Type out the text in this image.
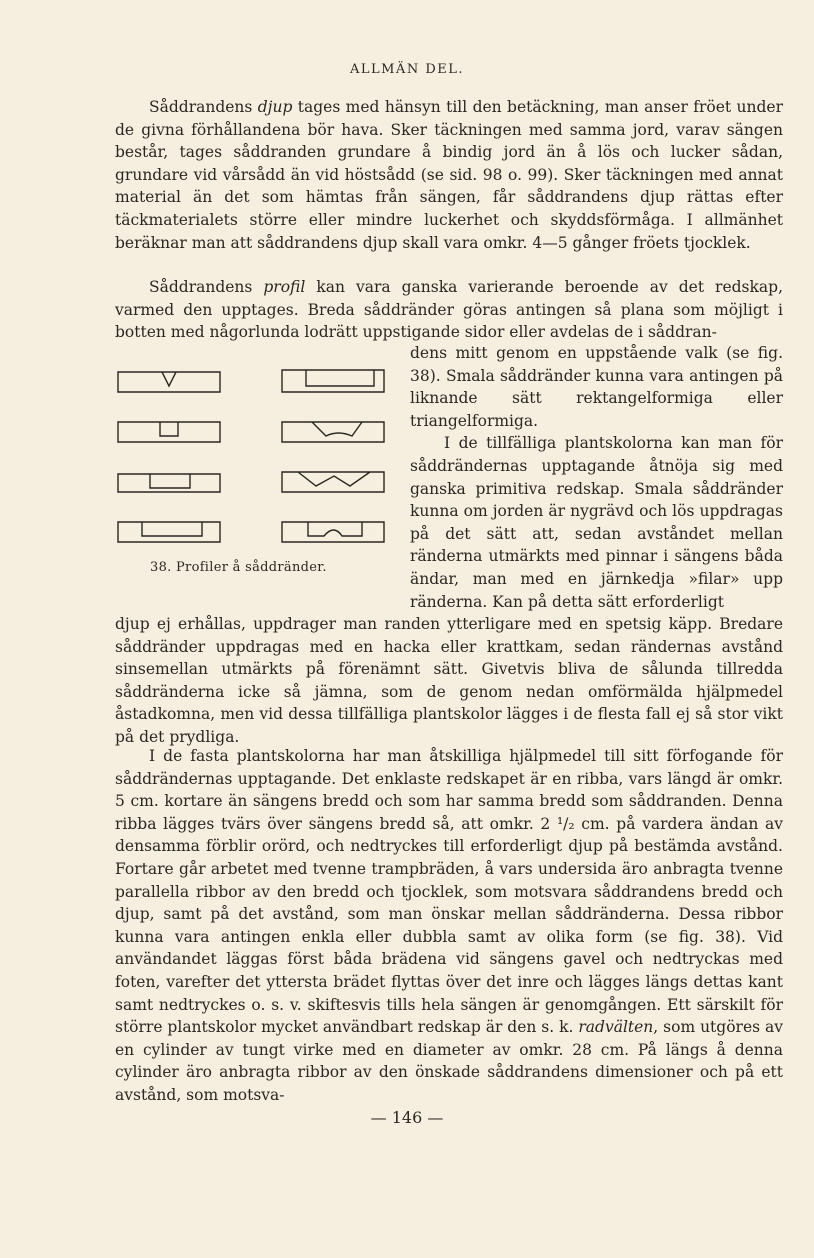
ALLMÄN DEL.
Såddrandens djup tages med hänsyn till den betäckning, man anser fröet under de givna förhållandena bör hava. Sker täckningen med samma jord, varav sängen består, tages såddranden grundare å bindig jord än å lös och lucker sådan, grundare vid vårsådd än vid höstsådd (se sid. 98 o. 99). Sker täckningen med annat material än det som hämtas från sängen, får såddrandens djup rättas efter täckmaterialets större eller mindre luckerhet och skyddsförmåga. I allmänhet beräknar man att såddrandens djup skall vara omkr. 4—5 gånger fröets tjocklek.
Såddrandens profil kan vara ganska varierande beroende av det redskap, varmed den upptages. Breda såddränder göras antingen så plana som möjligt i botten med någorlunda lodrätt uppstigande sidor eller avdelas de i såddran-
dens mitt genom en uppstående valk (se fig. 38). Smala såddränder kunna vara antingen på liknande sätt rektangelformiga eller triangelformiga.
I de tillfälliga plantskolorna kan man för såddrändernas upptagande åtnöja sig med ganska primitiva redskap. Smala såddränder kunna om jorden är nygrävd och lös uppdragas på det sätt att, sedan avståndet mellan ränderna utmärkts med pinnar i sängens båda ändar, man med en järnkedja »filar» upp ränderna. Kan på detta sätt erforderligt
38. Profiler å såddränder.
djup ej erhållas, uppdrager man randen ytterligare med en spetsig käpp. Bredare såddränder uppdragas med en hacka eller krattkam, sedan rändernas avstånd sinsemellan utmärkts på förenämnt sätt. Givetvis bliva de sålunda tillredda såddränderna icke så jämna, som de genom nedan omförmälda hjälpmedel åstadkomna, men vid dessa tillfälliga plantskolor lägges i de flesta fall ej så stor vikt på det prydliga.
I de fasta plantskolorna har man åtskilliga hjälpmedel till sitt förfogande för såddrändernas upptagande. Det enklaste redskapet är en ribba, vars längd är omkr. 5 cm. kortare än sängens bredd och som har samma bredd som såddranden. Denna ribba lägges tvärs över sängens bredd så, att omkr. 2 ¹/₂ cm. på vardera ändan av densamma förblir orörd, och nedtryckes till erforderligt djup på bestämda avstånd. Fortare går arbetet med tvenne trampbräden, å vars undersida äro anbragta tvenne parallella ribbor av den bredd och tjocklek, som motsvara såddrandens bredd och djup, samt på det avstånd, som man önskar mellan såddränderna. Dessa ribbor kunna vara antingen enkla eller dubbla samt av olika form (se fig. 38). Vid användandet läggas först båda brädena vid sängens gavel och nedtryckas med foten, varefter det yttersta brädet flyttas över det inre och lägges längs dettas kant samt nedtryckes o. s. v. skiftesvis tills hela sängen är genomgången. Ett särskilt för större plantskolor mycket användbart redskap är den s. k. radvälten, som utgöres av en cylinder av tungt virke med en diameter av omkr. 28 cm. På längs å denna cylinder äro anbragta ribbor av den önskade såddrandens dimensioner och på ett avstånd, som motsva-
— 146 —
